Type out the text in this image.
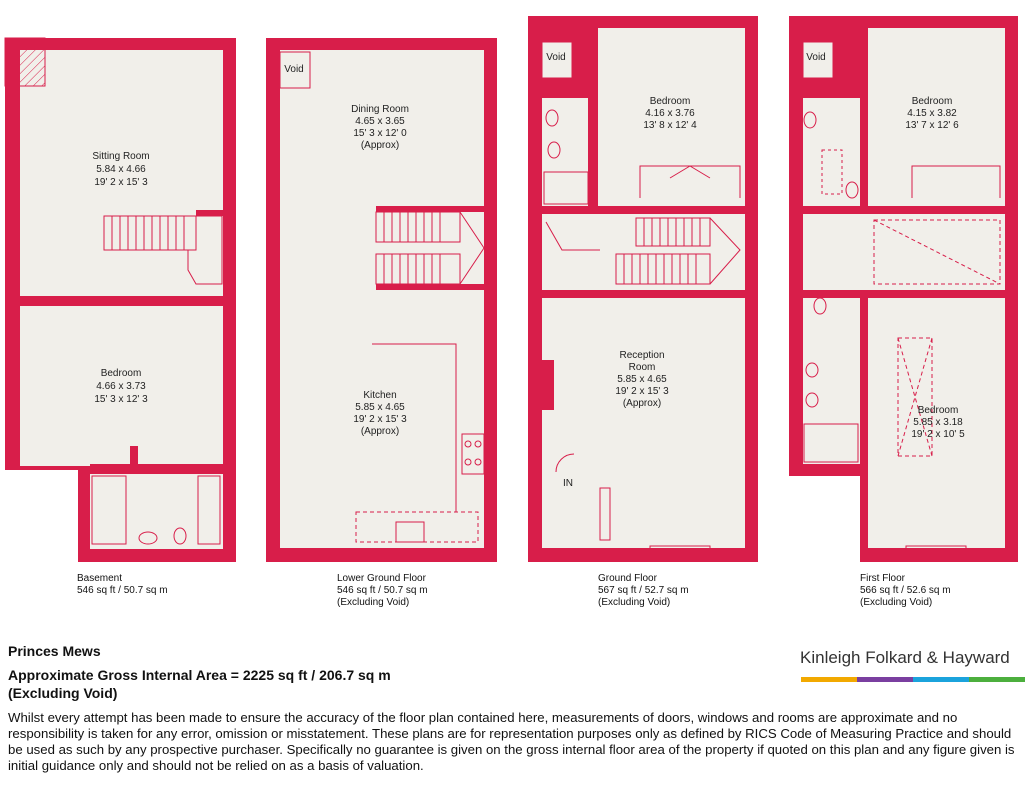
Sitting Room
5.84 x 4.66
19' 2 x 15' 3
Bedroom
4.66 x 3.73
15' 3 x 12' 3
Dining Room
4.65 x 3.65
15' 3 x 12' 0
(Approx)
Kitchen
5.85 x 4.65
19' 2 x 15' 3
(Approx)
Void
Bedroom
4.16 x 3.76
13' 8 x 12' 4
Reception
Room
5.85 x 4.65
19' 2 x 15' 3
(Approx)
Void
IN
Bedroom
4.15 x 3.82
13' 7 x 12' 6
Bedroom
5.85 x 3.18
19' 2 x 10' 5
Void
Basement
546 sq ft / 50.7 sq m
Lower Ground Floor
546 sq ft / 50.7 sq m
(Excluding Void)
Ground Floor
567 sq ft / 52.7 sq m
(Excluding Void)
First Floor
566 sq ft / 52.6 sq m
(Excluding Void)
Princes Mews
Approximate Gross Internal Area = 2225 sq ft / 206.7 sq m
(Excluding Void)
Whilst every attempt has been made to ensure the accuracy of the floor plan contained here, measurements of doors, windows and rooms are approximate and no responsibility is taken for any error, omission or misstatement. These plans are for representation purposes only as defined by RICS Code of Measuring Practice and should be used as such by any prospective purchaser. Specifically no guarantee is given on the gross internal floor area of the property if quoted on this plan and any figure given is initial guidance only and should not be relied on as a basis of valuation.
Kinleigh Folkard & Hayward
